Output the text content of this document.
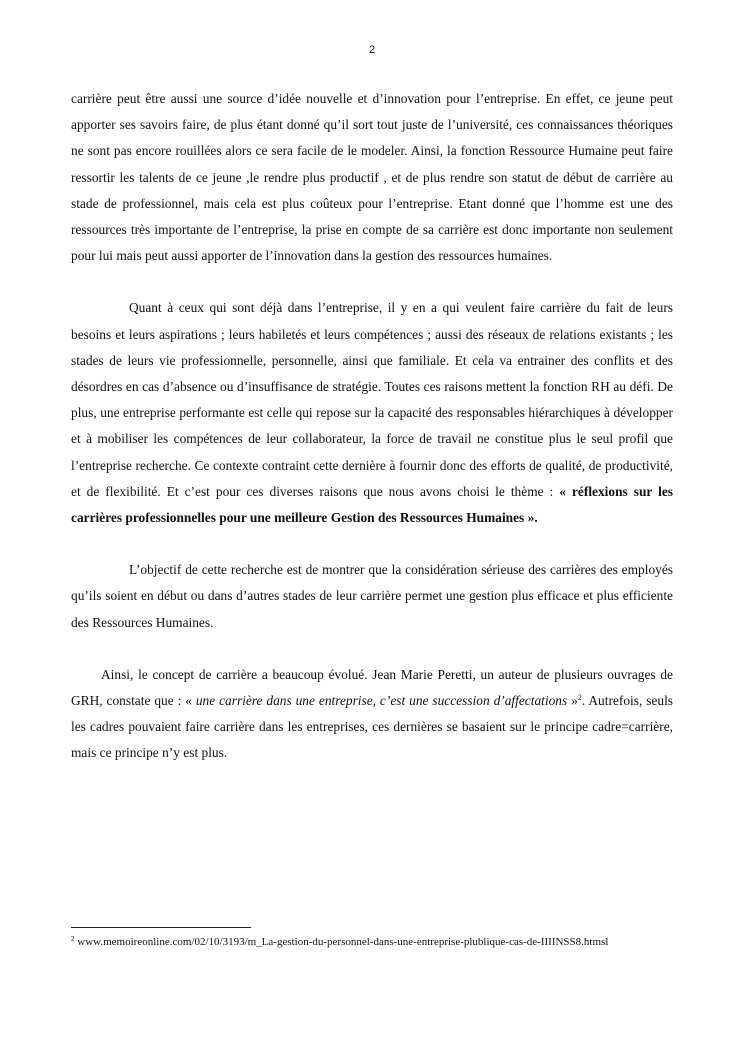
2

carrière peut être aussi une source d’idée nouvelle et d’innovation pour l’entreprise. En effet, ce jeune peut apporter ses savoirs faire, de plus étant donné qu’il sort tout juste de l’université, ces connaissances théoriques ne sont pas encore rouillées alors ce sera facile de le modeler. Ainsi, la fonction Ressource Humaine peut faire ressortir les talents de ce jeune ,le rendre plus productif , et de plus rendre son statut de début de carrière au stade de professionnel, mais cela est plus coûteux pour l’entreprise. Etant donné que l’homme est une des ressources très importante de l’entreprise, la prise en compte de sa carrière est donc importante non seulement pour lui mais peut aussi apporter de l’innovation dans la gestion des ressources humaines.

Quant à ceux qui sont déjà dans l’entreprise, il y en a qui veulent faire carrière du fait de leurs besoins et leurs aspirations ; leurs habiletés et leurs compétences ; aussi des réseaux de relations existants ; les stades de leurs vie professionnelle, personnelle, ainsi que familiale. Et cela va entrainer des conflits et des désordres en cas d’absence ou d’insuffisance de stratégie. Toutes ces raisons mettent la fonction RH au défi. De plus, une entreprise performante est celle qui repose sur la capacité des responsables hiérarchiques à développer et à mobiliser les compétences de leur collaborateur, la force de travail ne constitue plus le seul profil que l’entreprise recherche. Ce contexte contraint cette dernière à fournir donc des efforts de qualité, de productivité, et de flexibilité. Et c’est pour ces diverses raisons que nous avons choisi le thème : « réflexions sur les carrières professionnelles pour une meilleure Gestion des Ressources Humaines ».

L’objectif de cette recherche est de montrer que la considération sérieuse des carrières des employés qu’ils soient en début ou dans d’autres stades de leur carrière permet une gestion plus efficace et plus efficiente des Ressources Humaines.

Ainsi, le concept de carrière a beaucoup évolué. Jean Marie Peretti, un auteur de plusieurs ouvrages de GRH, constate que : « une carrière dans une entreprise, c’est une succession d’affectations »$^2$. Autrefois, seuls les cadres pouvaient faire carrière dans les entreprises, ces dernières se basaient sur le principe cadre=carrière, mais ce principe n’y est plus.

$^2$ www.memoireonline.com/02/10/3193/m_La-gestion-du-personnel-dans-une-entreprise-plublique-cas-de-IIIINSS8.htmsl
